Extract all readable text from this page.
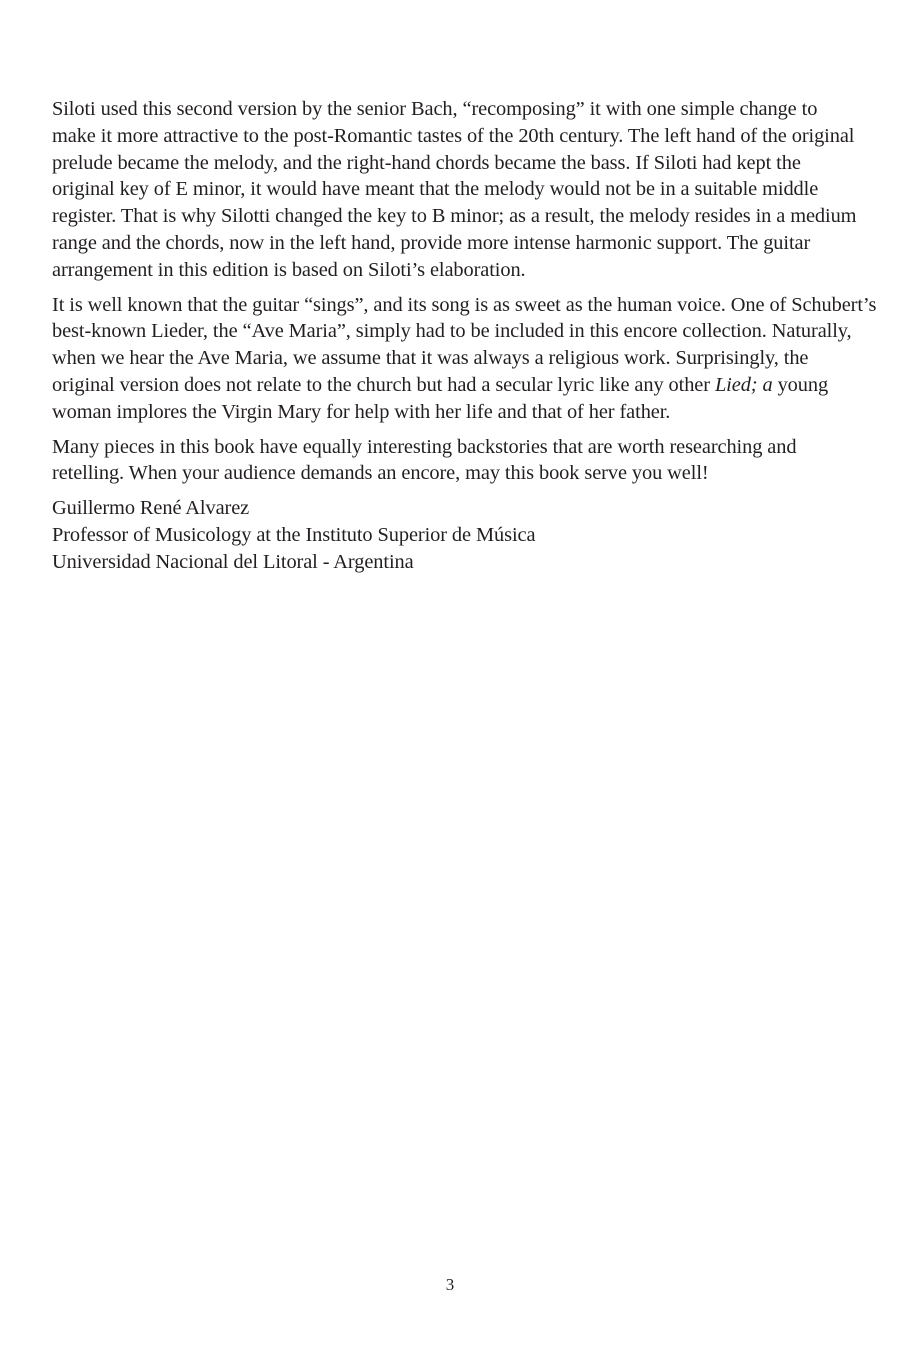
Siloti used this second version by the senior Bach, “recomposing” it with one simple change to
make it more attractive to the post-Romantic tastes of the 20th century. The left hand of the original
prelude became the melody, and the right-hand chords became the bass. If Siloti had kept the
original key of E minor, it would have meant that the melody would not be in a suitable middle
register. That is why Silotti changed the key to B minor; as a result, the melody resides in a medium
range and the chords, now in the left hand, provide more intense harmonic support. The guitar
arrangement in this edition is based on Siloti’s elaboration.

It is well known that the guitar “sings”, and its song is as sweet as the human voice. One of Schubert’s
best-known Lieder, the “Ave Maria”, simply had to be included in this encore collection. Naturally,
when we hear the Ave Maria, we assume that it was always a religious work. Surprisingly, the
original version does not relate to the church but had a secular lyric like any other Lied; a young
woman implores the Virgin Mary for help with her life and that of her father.

Many pieces in this book have equally interesting backstories that are worth researching and
retelling. When your audience demands an encore, may this book serve you well!

Guillermo René Alvarez
Professor of Musicology at the Instituto Superior de Música
Universidad Nacional del Litoral - Argentina

3
